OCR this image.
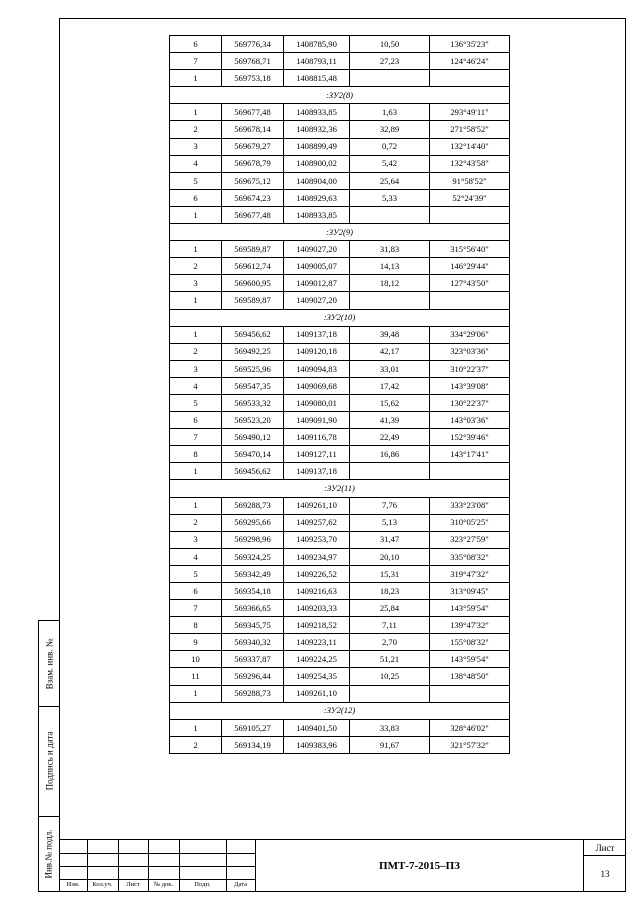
6	569776,34	1408785,90	10,50	136°35'23"
7	569768,71	1408793,11	27,23	124°46'24"
1	569753,18	1408815,48		
:ЗУ2(8)				
1	569677,48	1408933,85	1,63	293°49'11"
2	569678,14	1408932,36	32,89	271°58'52"
3	569679,27	1408899,49	0,72	132°14'40"
4	569678,79	1408900,02	5,42	132°43'58"
5	569675,12	1408904,00	25,64	91°58'52"
6	569674,23	1408929,63	5,33	52°24'39"
1	569677,48	1408933,85		
:ЗУ2(9)				
1	569589,87	1409027,20	31,83	315°56'40"
2	569612,74	1409005,07	14,13	146°29'44"
3	569600,95	1409012,87	18,12	127°43'50"
1	569589,87	1409027,20		
:ЗУ2(10)				
1	569456,62	1409137,18	39,48	334°29'06"
2	569492,25	1409120,18	42,17	323°03'36"
3	569525,96	1409094,83	33,01	310°22'37"
4	569547,35	1409069,68	17,42	143°39'08"
5	569533,32	1409080,01	15,62	130°22'37"
6	569523,20	1409091,90	41,39	143°03'36"
7	569490,12	1409116,78	22,49	152°39'46"
8	569470,14	1409127,11	16,86	143°17'41"
1	569456,62	1409137,18		
:ЗУ2(11)				
1	569288,73	1409261,10	7,76	333°23'08"
2	569295,66	1409257,62	5,13	310°05'25"
3	569298,96	1409253,70	31,47	323°27'59"
4	569324,25	1409234,97	20,10	335°08'32"
5	569342,49	1409226,52	15,31	319°47'32"
6	569354,18	1409216,63	18,23	313°09'45"
7	569366,65	1409203,33	25,84	143°59'54"
8	569345,75	1409218,52	7,11	139°47'32"
9	569340,32	1409223,11	2,70	155°08'32"
10	569337,87	1409224,25	51,21	143°59'54"
11	569296,44	1409254,35	10,25	138°48'50"
1	569288,73	1409261,10		
:ЗУ2(12)				
1	569105,27	1409401,50	33,83	328°46'02"
2	569134,19	1409383,96	91,67	321°57'32"
Взам. инв. №
Подпись и дата
Инв.№ подл.
Изм.	Кол.уч.	Лист	№ док.	Подп.	Дата
ПМТ-7-2015–ПЗ
Лист
13
